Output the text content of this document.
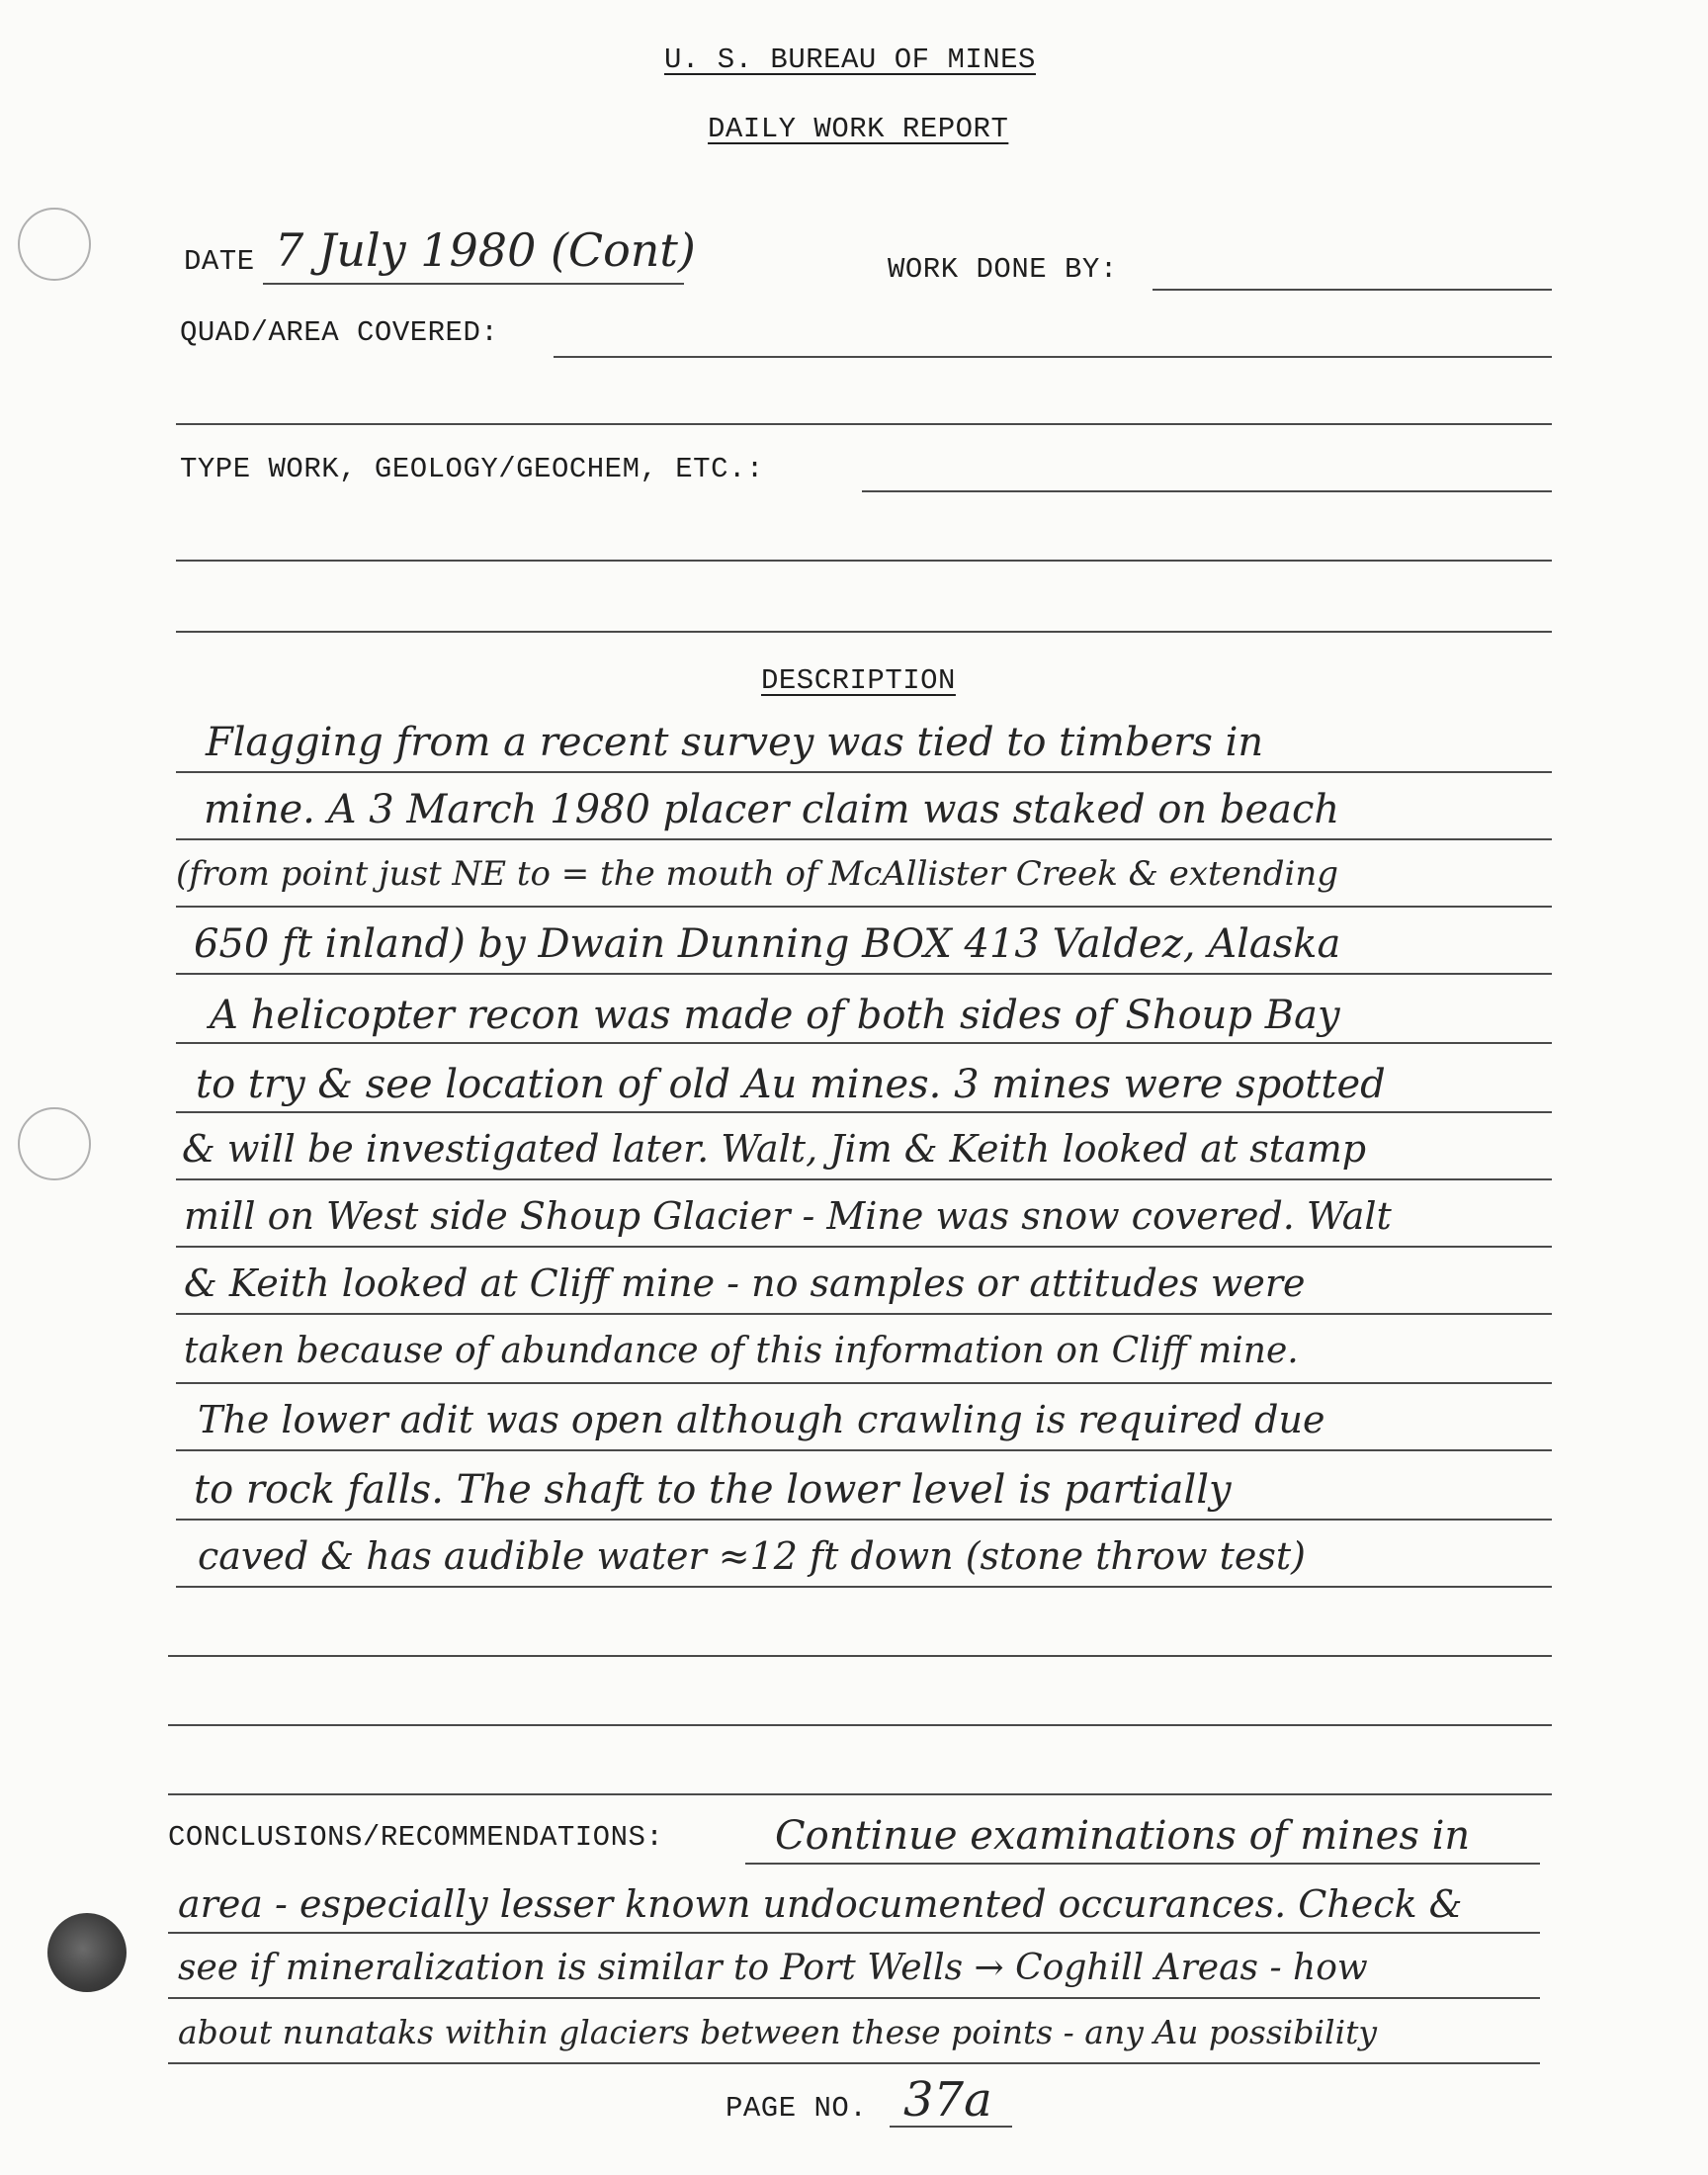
U. S. BUREAU OF MINES
DAILY WORK REPORT
DATE 7 July 1980 (Cont)	WORK DONE BY:
QUAD/AREA COVERED:
TYPE WORK, GEOLOGY/GEOCHEM, ETC.:
DESCRIPTION
Flagging from a recent survey was tied to timbers in
mine. A 3 March 1980 placer claim was staked on beach
(from point just NE to = the mouth of McAllister Creek & extending
650 ft inland) by Dwain Dunning BOX 413 Valdez, Alaska
A helicopter recon was made of both sides of Shoup Bay
to try & see location of old Au mines. 3 mines were spotted
& will be investigated later. Walt, Jim & Keith looked at stamp
mill on West side Shoup Glacier - Mine was snow covered. Walt
& Keith looked at Cliff mine - no samples or attitudes were
taken because of abundance of this information on Cliff mine.
The lower adit was open although crawling is required due
to rock falls. The shaft to the lower level is partially
caved & has audible water ≈12 ft down (stone throw test)
CONCLUSIONS/RECOMMENDATIONS:	Continue examinations of mines in
area - especially lesser known undocumented occurances. Check &
see if mineralization is similar to Port Wells → Coghill Areas - how
about nunataks within glaciers between these points - any Au possibility
PAGE NO. 37a
